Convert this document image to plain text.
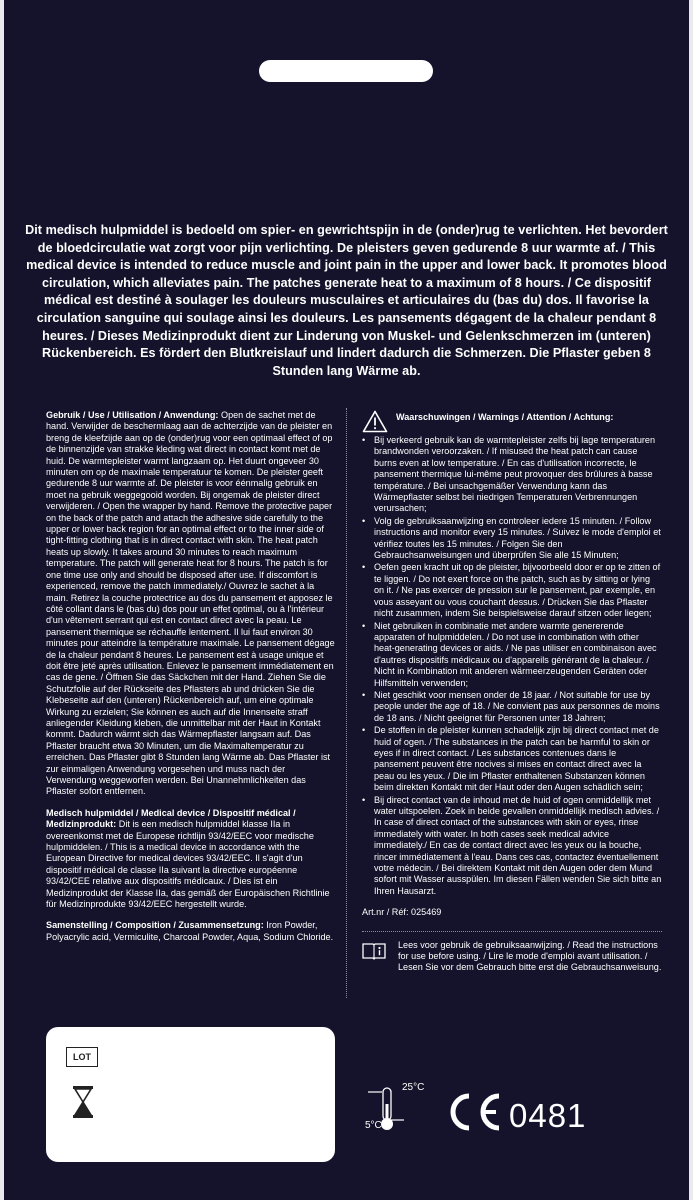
Dit medisch hulpmiddel is bedoeld om spier- en gewrichtspijn in de (onder)rug te verlichten. Het bevordert de bloedcirculatie wat zorgt voor pijn verlichting. De pleisters geven gedurende 8 uur warmte af. / This medical device is intended to reduce muscle and joint pain in the upper and lower back. It promotes blood circulation, which alleviates pain. The patches generate heat to a maximum of 8 hours. / Ce dispositif médical est destiné à soulager les douleurs musculaires et articulaires du (bas du) dos. Il favorise la circulation sanguine qui soulage ainsi les douleurs. Les pansements dégagent de la chaleur pendant 8 heures. / Dieses Medizinprodukt dient zur Linderung von Muskel- und Gelenkschmerzen im (unteren) Rückenbereich. Es fördert den Blutkreislauf und lindert dadurch die Schmerzen. Die Pflaster geben 8 Stunden lang Wärme ab.

Gebruik / Use / Utilisation / Anwendung: Open de sachet met de hand. Verwijder de beschermlaag aan de achterzijde van de pleister en breng de kleefzijde aan op de (onder)rug voor een optimaal effect of op de binnenzijde van strakke kleding wat direct in contact komt met de huid. De warmtepleister warmt langzaam op. Het duurt ongeveer 30 minuten om op de maximale temperatuur te komen. De pleister geeft gedurende 8 uur warmte af. De pleister is voor éénmalig gebruik en moet na gebruik weggegooid worden. Bij ongemak de pleister direct verwijderen. / Open the wrapper by hand. Remove the protective paper on the back of the patch and attach the adhesive side carefully to the upper or lower back region for an optimal effect or to the inner side of tight-fitting clothing that is in direct contact with skin. The heat patch heats up slowly. It takes around 30 minutes to reach maximum temperature. The patch will generate heat for 8 hours. The patch is for one time use only and should be disposed after use. If discomfort is experienced, remove the patch immediately./ Ouvrez le sachet à la main. Retirez la couche protectrice au dos du pansement et apposez le côté collant dans le (bas du) dos pour un effet optimal, ou à l'intérieur d'un vêtement serrant qui est en contact direct avec la peau. Le pansement thermique se réchauffe lentement. Il lui faut environ 30 minutes pour atteindre la température maximale. Le pansement dégage de la chaleur pendant 8 heures. Le pansement est à usage unique et doit être jeté après utilisation. Enlevez le pansement immédiatement en cas de gene. / Öffnen Sie das Säckchen mit der Hand. Ziehen Sie die Schutzfolie auf der Rückseite des Pflasters ab und drücken Sie die Klebeseite auf den (unteren) Rückenbereich auf, um eine optimale Wirkung zu erzielen; Sie können es auch auf die Innenseite straff anliegender Kleidung kleben, die unmittelbar mit der Haut in Kontakt kommt. Dadurch wärmt sich das Wärmepflaster langsam auf. Das Pflaster braucht etwa 30 Minuten, um die Maximaltemperatur zu erreichen. Das Pflaster gibt 8 Stunden lang Wärme ab. Das Pflaster ist zur einmaligen Anwendung vorgesehen und muss nach der Verwendung weggeworfen werden. Bei Unannehmlichkeiten das Pflaster sofort entfernen.

Medisch hulpmiddel / Medical device / Dispositif médical / Medizinprodukt: Dit is een medisch hulpmiddel klasse IIa in overeenkomst met de Europese richtlijn 93/42/EEC voor medische hulpmiddelen. / This is a medical device in accordance with the European Directive for medical devices 93/42/EEC. Il s'agit d'un dispositif médical de classe IIa suivant la directive européenne 93/42/CEE relative aux dispositifs médicaux. / Dies ist ein Medizinprodukt der Klasse IIa, das gemäß der Europäischen Richtlinie für Medizinprodukte 93/42/EEC hergestellt wurde.

Samenstelling / Composition / Zusammensetzung: Iron Powder, Polyacrylic acid, Vermiculite, Charcoal Powder, Aqua, Sodium Chloride.

Waarschuwingen / Warnings / Attention / Achtung:
• Bij verkeerd gebruik kan de warmtepleister zelfs bij lage temperaturen brandwonden veroorzaken. / If misused the heat patch can cause burns even at low temperature. / En cas d'utilisation incorrecte, le pansement thermique lui-même peut provoquer des brûlures à basse température. / Bei unsachgemäßer Verwendung kann das Wärmepflaster selbst bei niedrigen Temperaturen Verbrennungen verursachen;
• Volg de gebruiksaanwijzing en controleer iedere 15 minuten. / Follow instructions and monitor every 15 minutes. / Suivez le mode d'emploi et vérifiez toutes les 15 minutes. / Folgen Sie den Gebrauchsanweisungen und überprüfen Sie alle 15 Minuten;
• Oefen geen kracht uit op de pleister, bijvoorbeeld door er op te zitten of te liggen. / Do not exert force on the patch, such as by sitting or lying on it. / Ne pas exercer de pression sur le pansement, par exemple, en vous asseyant ou vous couchant dessus. / Drücken Sie das Pflaster nicht zusammen, indem Sie beispielsweise darauf sitzen oder liegen;
• Niet gebruiken in combinatie met andere warmte genererende apparaten of hulpmiddelen. / Do not use in combination with other heat-generating devices or aids. / Ne pas utiliser en combinaison avec d'autres dispositifs médicaux ou d'appareils générant de la chaleur. / Nicht in Kombination mit anderen wärmeerzeugenden Geräten oder Hilfsmitteln verwenden;
• Niet geschikt voor mensen onder de 18 jaar. / Not suitable for use by people under the age of 18. / Ne convient pas aux personnes de moins de 18 ans. / Nicht geeignet für Personen unter 18 Jahren;
• De stoffen in de pleister kunnen schadelijk zijn bij direct contact met de huid of ogen. / The substances in the patch can be harmful to skin or eyes if in direct contact. / Les substances contenues dans le pansement peuvent être nocives si mises en contact direct avec la peau ou les yeux. / Die im Pflaster enthaltenen Substanzen können beim direkten Kontakt mit der Haut oder den Augen schädlich sein;
• Bij direct contact van de inhoud met de huid of ogen onmiddellijk met water uitspoelen. Zoek in beide gevallen onmiddellijk medisch advies. / In case of direct contact of the substances with skin or eyes, rinse immediately with water. In both cases seek medical advice immediately./ En cas de contact direct avec les yeux ou la bouche, rincer immédiatement à l'eau. Dans ces cas, contactez éventuellement votre médecin. / Bei direktem Kontakt mit den Augen oder dem Mund sofort mit Wasser ausspülen. Im diesen Fällen wenden Sie sich bitte an Ihren Hausarzt.
Art.nr / Réf: 025469
Lees voor gebruik de gebruiksaanwijzing. / Read the instructions for use before using. / Lire le mode d'emploi avant utilisation. / Lesen Sie vor dem Gebrauch bitte erst die Gebrauchsanweisung.
LOT
25°C
5°C	0481
